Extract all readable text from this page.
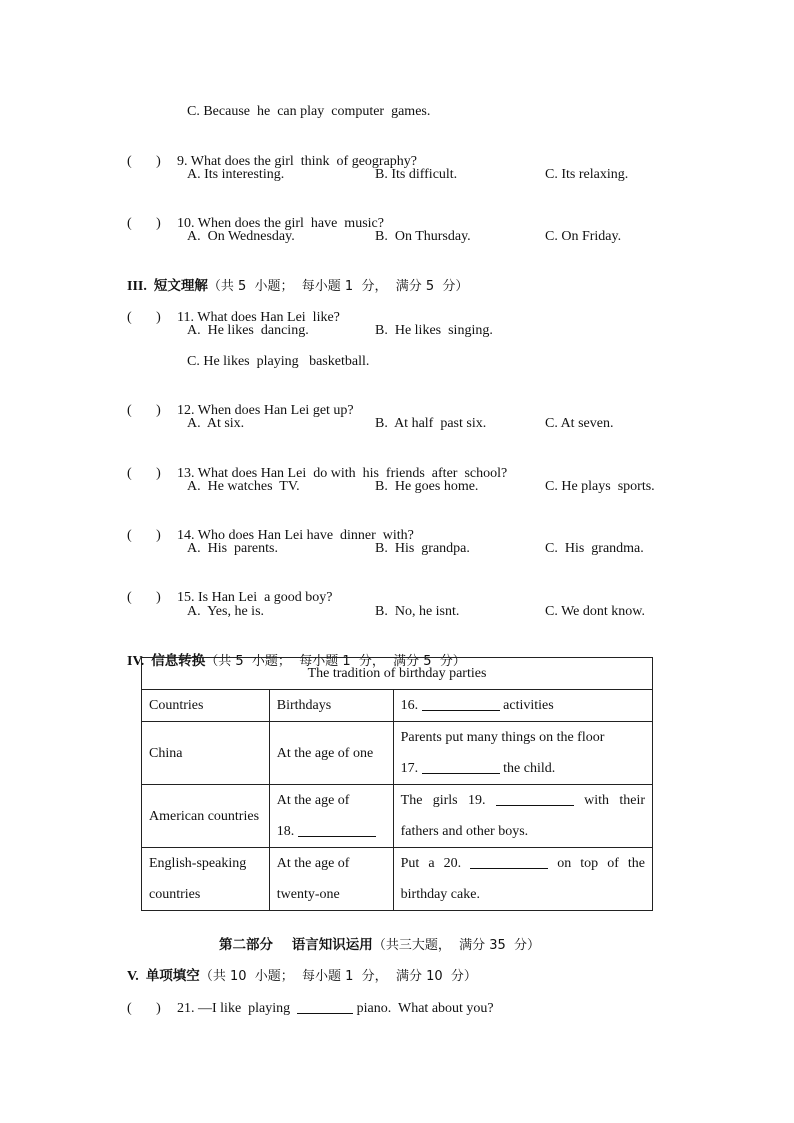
C. Because  he  can play  computer  games.

(       ) 9. What does the girl  think  of geography?

A. Its interesting.	B. Its difficult.	C. Its relaxing.

(       ) 10. When does the girl  have  music?

A.  On Wednesday.	B.  On Thursday.	C. On Friday.

III. 短文理解（共 5  小题；  每小题 1  分，  满分 5  分）

(       ) 11. What does Han Lei  like?

A.  He likes  dancing.	B.  He likes  singing.
C. He likes  playing   basketball.

(       ) 12. When does Han Lei get up?

A.  At six.	B.  At half  past six.	C. At seven.

(       ) 13. What does Han Lei  do with  his  friends  after  school?

A.  He watches  TV.	B.  He goes home.	C. He plays  sports.

(       ) 14. Who does Han Lei have  dinner  with?

A.  His  parents.	B.  His  grandpa.	C.  His  grandma.

(       ) 15. Is Han Lei  a good boy?

A.  Yes, he is.	B.  No, he isnt.	C. We dont know.

IV. 信息转换（共 5  小题；  每小题 1  分，  满分 5  分）

The tradition of birthday parties		
Countries	Birthdays	16. activities
China	At the age of one	Parents put many things on the floor
17. the child.
American countries	At the age of
18.	The girls 19. with their fathers and other boys.
English-speaking countries	At the age of twenty-one	Put a 20. on top of the birthday cake.

第二部分    语言知识运用（共三大题，  满分 35  分）

V. 单项填空（共 10  小题；  每小题 1  分，  满分 10  分）

(       ) 21. —I like  playing	piano.  What about you?
